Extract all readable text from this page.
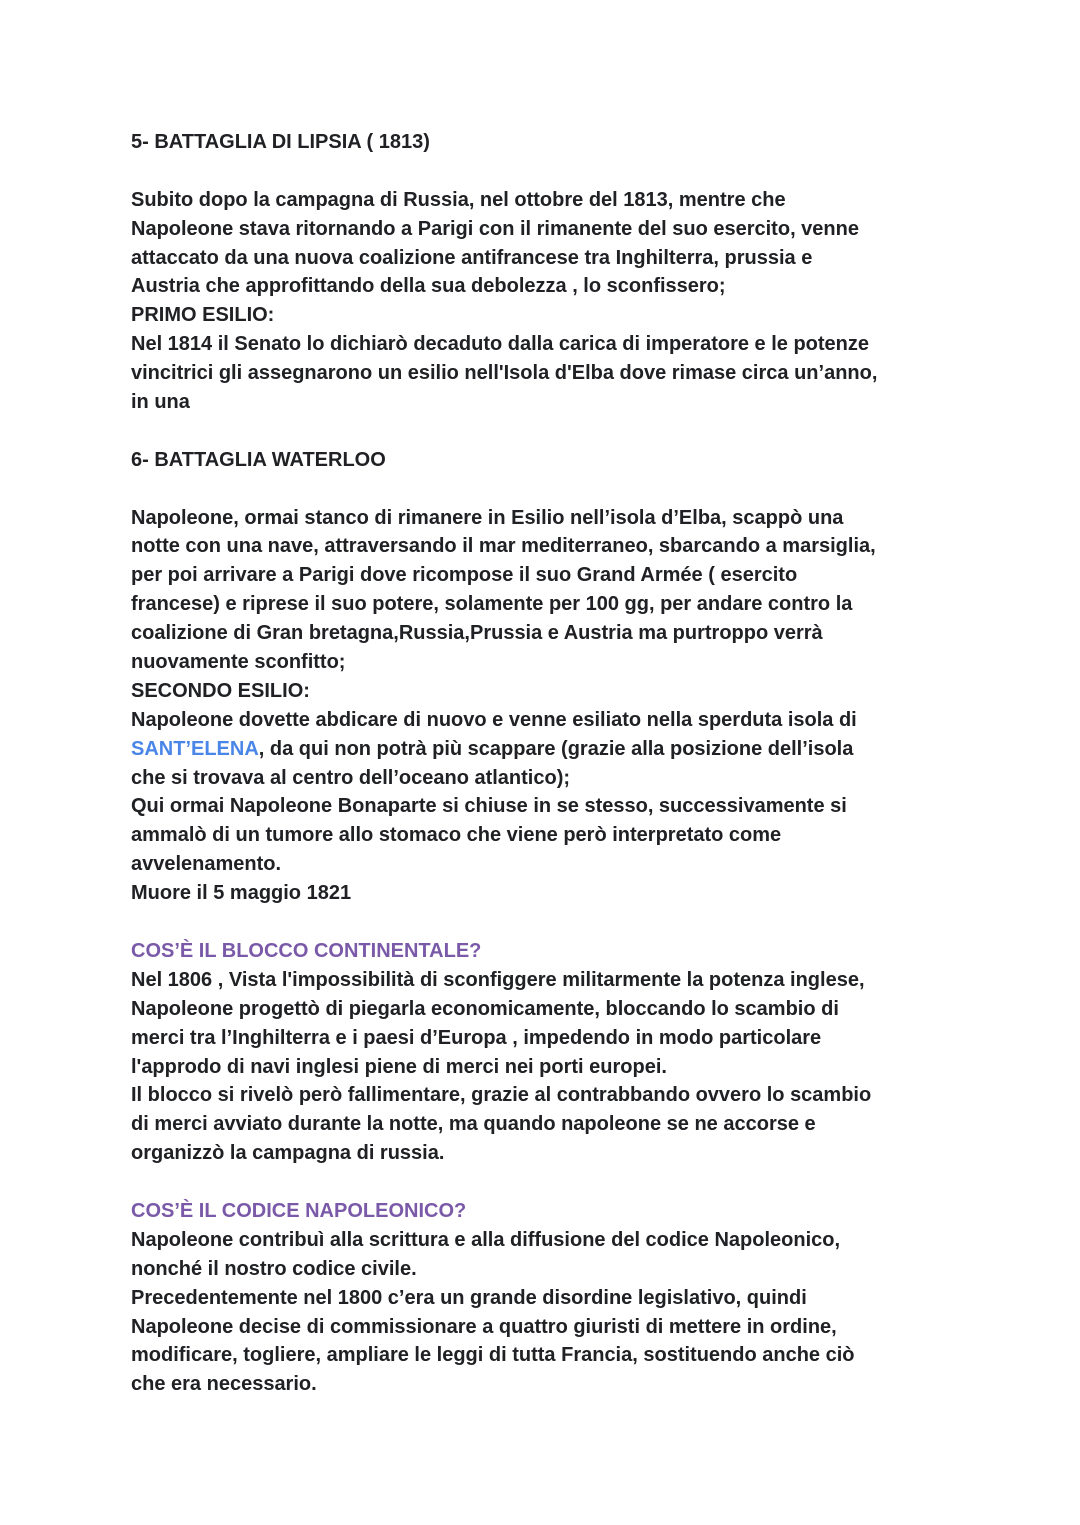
5- BATTAGLIA DI LIPSIA ( 1813)
Subito dopo la campagna di Russia, nel ottobre del 1813, mentre che
Napoleone stava ritornando a Parigi con il rimanente del suo esercito, venne
attaccato da una nuova coalizione antifrancese tra Inghilterra, prussia e
Austria che approfittando della sua debolezza , lo sconfissero;
PRIMO ESILIO:
Nel 1814 il Senato lo dichiarò decaduto dalla carica di imperatore e le potenze
vincitrici gli assegnarono un esilio nell'Isola d'Elba dove rimase circa un’anno,
in una
6- BATTAGLIA WATERLOO
Napoleone, ormai stanco di rimanere in Esilio nell’isola d’Elba, scappò una
notte con una nave, attraversando il mar mediterraneo, sbarcando a marsiglia,
per poi arrivare a Parigi dove ricompose il suo Grand Armée ( esercito
francese) e riprese il suo potere, solamente per 100 gg, per andare contro la
coalizione di Gran bretagna,Russia,Prussia e Austria ma purtroppo verrà
nuovamente sconfitto;
SECONDO ESILIO:
Napoleone dovette abdicare di nuovo e venne esiliato nella sperduta isola di
SANT’ELENA, da qui non potrà più scappare (grazie alla posizione dell’isola
che si trovava al centro dell’oceano atlantico);
Qui ormai Napoleone Bonaparte si chiuse in se stesso, successivamente si
ammalò di un tumore allo stomaco che viene però interpretato come
avvelenamento.
Muore il 5 maggio 1821
COS’È IL BLOCCO CONTINENTALE?
Nel 1806 , Vista l'impossibilità di sconfiggere militarmente la potenza inglese,
Napoleone progettò di piegarla economicamente, bloccando lo scambio di
merci tra l’Inghilterra e i paesi d’Europa , impedendo in modo particolare
l'approdo di navi inglesi piene di merci nei porti europei.
Il blocco si rivelò però fallimentare, grazie al contrabbando ovvero lo scambio
di merci avviato durante la notte, ma quando napoleone se ne accorse e
organizzò la campagna di russia.
COS’È IL CODICE NAPOLEONICO?
Napoleone contribuì alla scrittura e alla diffusione del codice Napoleonico,
nonché il nostro codice civile.
Precedentemente nel 1800 c’era un grande disordine legislativo, quindi
Napoleone decise di commissionare a quattro giuristi di mettere in ordine,
modificare, togliere, ampliare le leggi di tutta Francia, sostituendo anche ciò
che era necessario.
